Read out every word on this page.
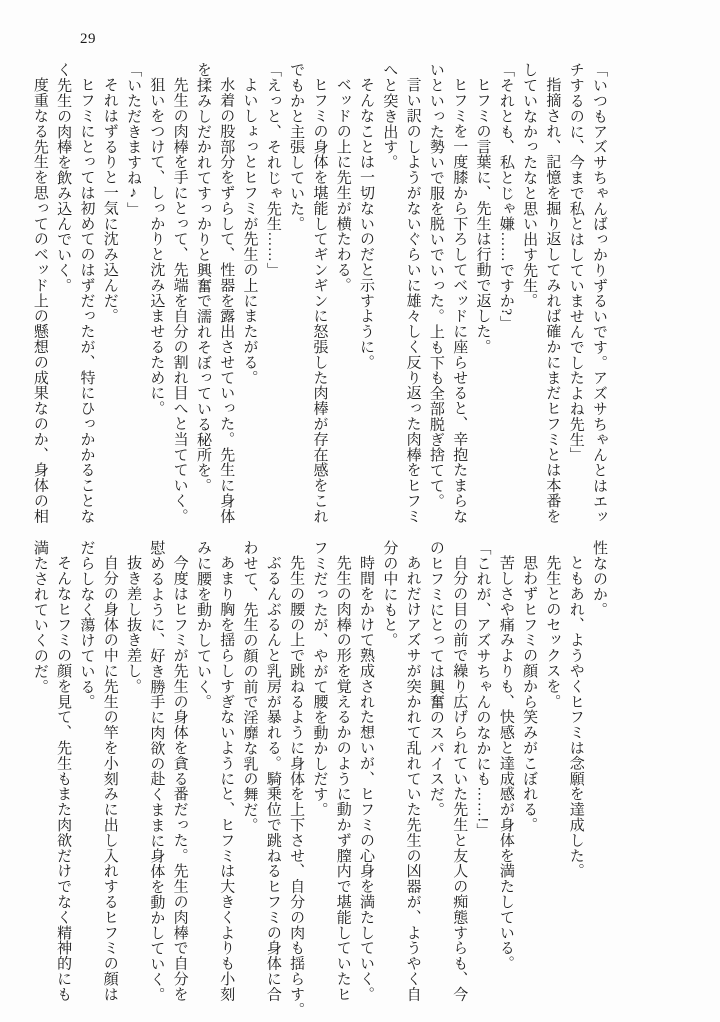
29

「いつもアズサちゃんばっかりずるいです。アズサちゃんとはエッ

チするのに、今まで私とはしていませんでしたよね先生」

指摘され、記憶を掘り返してみれば確かにまだヒフミとは本番を

していなかったなと思い出す先生。

「それとも、私とじゃ嫌……ですか?」

ヒフミの言葉に、先生は行動で返した。

ヒフミを一度膝から下ろしてベッドに座らせると、辛抱たまらな

いといった勢いで服を脱いでいった。上も下も全部脱ぎ捨てて。

言い訳のしようがないぐらいに雄々しく反り返った肉棒をヒフミ

へと突き出す。

そんなことは一切ないのだと示すように。

ベッドの上に先生が横たわる。

ヒフミの身体を堪能してギンギンに怒張した肉棒が存在感をこれ

でもかと主張していた。

「えっと、それじゃ先生……」

よいしょっとヒフミが先生の上にまたがる。

水着の股部分をずらして、性器を露出させていった。先生に身体

を揉みしだかれてすっかりと興奮で濡れそぼっている秘所を。

先生の肉棒を手にとって、先端を自分の割れ目へと当てていく。

狙いをつけて、しっかりと沈み込ませるために。

「いただきますね♪」

それはずるりと一気に沈み込んだ。

ヒフミにとっては初めてのはずだったが、特にひっかかることな

く先生の肉棒を飲み込んでいく。

度重なる先生を思ってのベッド上の懸想の成果なのか、身体の相

性なのか。

ともあれ、ようやくヒフミは念願を達成した。

先生とのセックスを。

思わずヒフミの顔から笑みがこぼれる。

苦しさや痛みよりも、快感と達成感が身体を満たしている。

「これが、アズサちゃんのなかにも……!」

自分の目の前で繰り広げられていた先生と友人の痴態すらも、今

のヒフミにとっては興奮のスパイスだ。

あれだけアズサが突かれて乱れていた先生の凶器が、ようやく自

分の中にもと。

時間をかけて熟成された想いが、ヒフミの心身を満たしていく。

先生の肉棒の形を覚えるかのように動かず膣内で堪能していたヒ

フミだったが、やがて腰を動かしだす。

先生の腰の上で跳ねるように身体を上下させ、自分の肉も揺らす。

ぶるんぶるんと乳房が暴れる。騎乗位で跳ねるヒフミの身体に合

わせて、先生の顔の前で淫靡な乳の舞だ。

あまり胸を揺らしすぎないようにと、ヒフミは大きくよりも小刻

みに腰を動かしていく。

今度はヒフミが先生の身体を貪る番だった。先生の肉棒で自分を

慰めるように、好き勝手に肉欲の赴くままに身体を動かしていく。

抜き差し抜き差し。

自分の身体の中に先生の竿を小刻みに出し入れするヒフミの顔は

だらしなく蕩けている。

そんなヒフミの顔を見て、先生もまた肉欲だけでなく精神的にも

満たされていくのだ。
